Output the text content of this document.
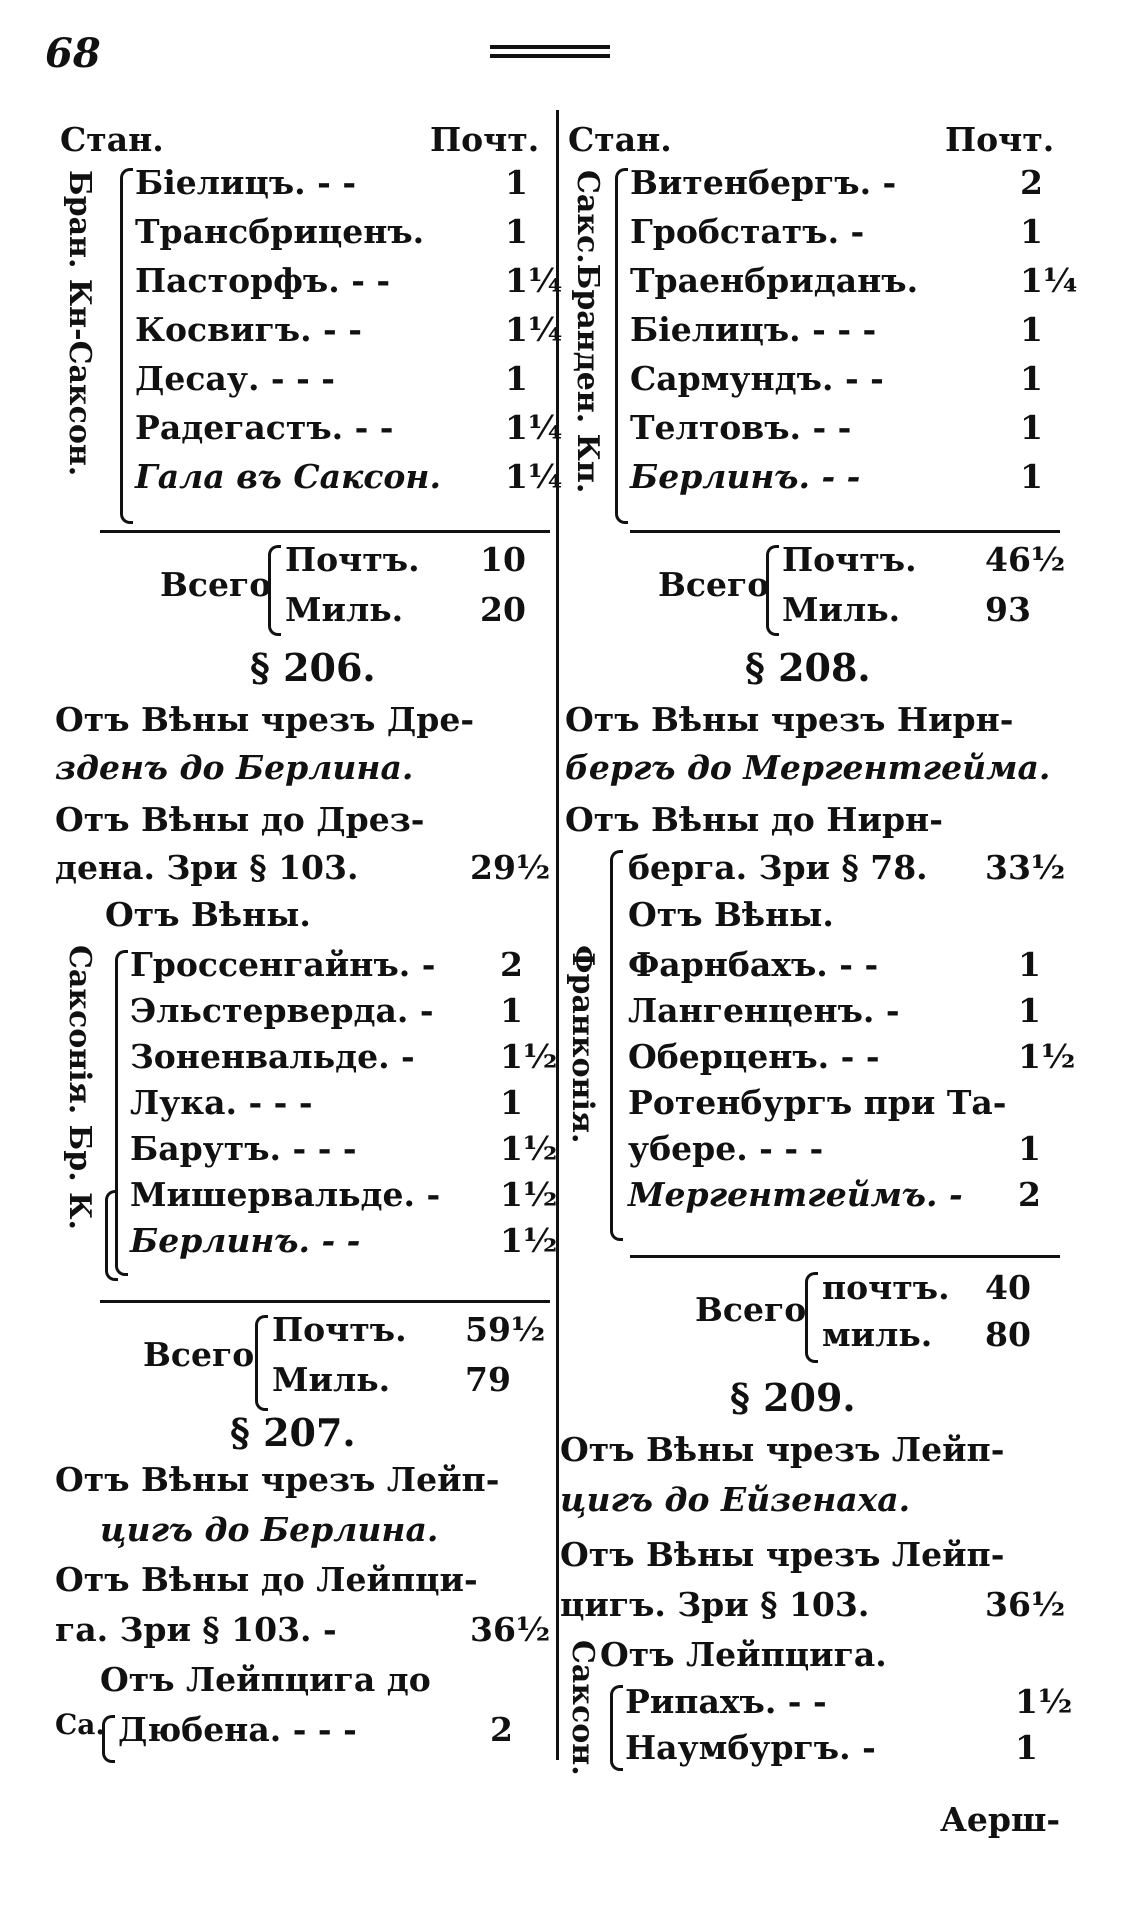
68
Стан.	Почт.
Бран. Кн-Саксон. Біелицъ. - -	1
Трансбриценъ. 1
Пасторфъ. - -	1¼
Косвигъ. - -	1¼
Десау. - - -	1
Радегастъ. - -	1¼
Гала въ Саксон. 1¼
Всего
Почтъ. 10
Миль. 20
§ 206.
Отъ Вѣны чрезъ Дре-
зденъ до Берлина.
Отъ Вѣны до Дрез-
дена. Зри § 103.	29½
Отъ Вѣны.
Саксонія. Бр. К. Гроссенгайнъ. - 2
Эльстерверда. - 1
Зоненвальде. -	1½
Лука. - - -	1
Барутъ. - - -	1½
Мишервальде. - 1½
Берлинъ. - -	1½
Всего
Почтъ. 59½
Миль. 79
§ 207.
Отъ Вѣны чрезъ Лейп-
цигъ до Берлина.
Отъ Вѣны до Лейпци-
га. Зри § 103. -	36½
Отъ Лейпцига до
Са. Дюбена. - - -	2
Стан.	Почт.
Сакс.Бранден. Кп. Витенбергъ. -	2
Гробстатъ. -	1
Траенбриданъ.	1¼
Біелицъ. - - -	1
Сармундъ. - -	1
Телтовъ. - -	1
Берлинъ. - -	1
Всего
Почтъ. 46½
Миль.	93
§ 208.
Отъ Вѣны чрезъ Нирн-
бергъ до Мергентгейма.
Отъ Вѣны до Нирн-
берга. Зри § 78. 33½
Отъ Вѣны.
Франконія. Фарнбахъ. - -	1
Лангенценъ. -	1
Оберценъ. - -	1½
Ротенбургъ при Та-
убере. - - -	1
Мергентгеймъ. - 2
Всего
почтъ. 40
миль. 80
§ 209.
Отъ Вѣны чрезъ Лейп-
цигъ до Ейзенаха.
Отъ Вѣны чрезъ Лейп-
цигъ. Зри § 103.	36½
Отъ Лейпцига.
Саксон. Рипахъ. - -	1½
Наумбургъ. -	1
Аерш-
